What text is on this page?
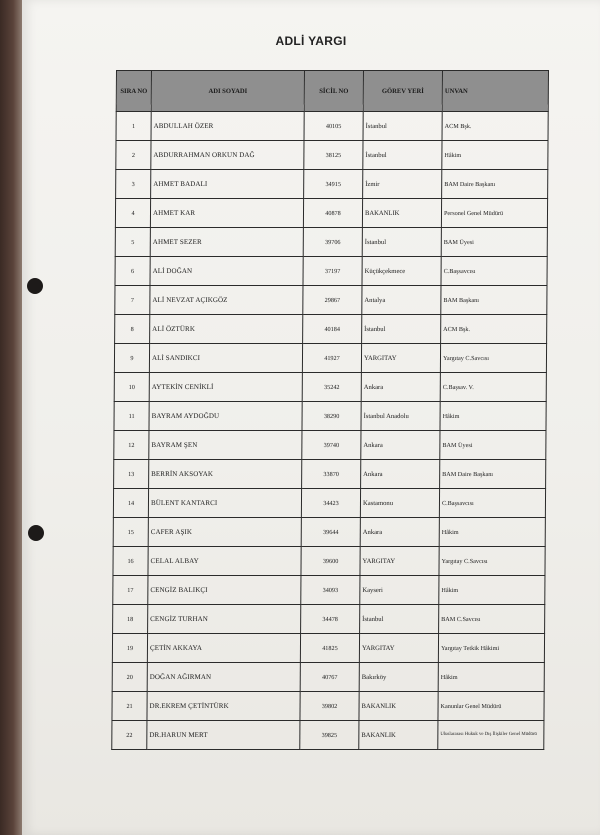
ADLİ YARGI
SIRA NO	ADI SOYADI	SİCİL NO	GÖREV YERİ	UNVAN
1	ABDULLAH ÖZER	40105	İstanbul	ACM Bşk.
2	ABDURRAHMAN ORKUN DAĞ	38125	İstanbul	Hâkim
3	AHMET BADALI	34915	İzmir	BAM Daire Başkanı
4	AHMET KAR	40878	BAKANLIK	Personel Genel Müdürü
5	AHMET SEZER	39706	İstanbul	BAM Üyesi
6	ALİ DOĞAN	37197	Küçükçekmece	C.Başsavcısı
7	ALİ NEVZAT AÇIKGÖZ	29867	Antalya	BAM Başkanı
8	ALİ ÖZTÜRK	40184	İstanbul	ACM Bşk.
9	ALİ SANDIKCI	41927	YARGITAY	Yargıtay C.Savcısı
10	AYTEKİN CENİKLİ	35242	Ankara	C.Başsav. V.
11	BAYRAM AYDOĞDU	38290	İstanbul Anadolu	Hâkim
12	BAYRAM ŞEN	39740	Ankara	BAM Üyesi
13	BERRİN AKSOYAK	33870	Ankara	BAM Daire Başkanı
14	BÜLENT KANTARCI	34423	Kastamonu	C.Başsavcısı
15	CAFER AŞIK	39644	Ankara	Hâkim
16	CELAL ALBAY	39600	YARGITAY	Yargıtay C.Savcısı
17	CENGİZ BALIKÇI	34093	Kayseri	Hâkim
18	CENGİZ TURHAN	34478	İstanbul	BAM C.Savcısı
19	ÇETİN AKKAYA	41825	YARGITAY	Yargıtay Tetkik Hâkimi
20	DOĞAN AĞIRMAN	40767	Bakırköy	Hâkim
21	DR.EKREM ÇETİNTÜRK	39802	BAKANLIK	Kanunlar Genel Müdürü
22	DR.HARUN MERT	39825	BAKANLIK	Uluslararası Hukuk ve Dış İlişkiler Genel Müdürü
